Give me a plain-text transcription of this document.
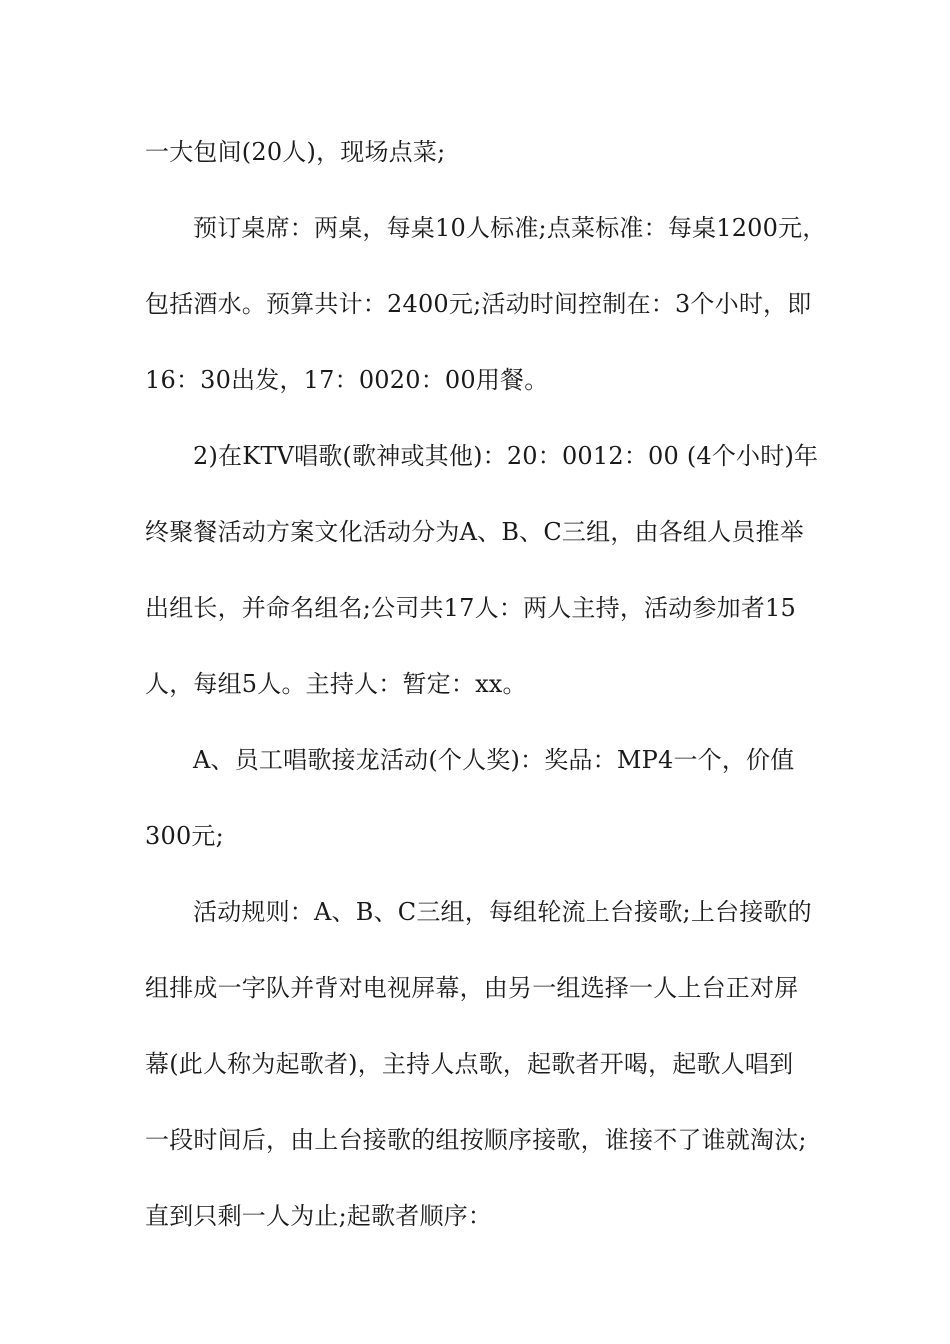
一大包间(20人)，现场点菜;
预订桌席：两桌，每桌10人标准;点菜标准：每桌1200元，
包括酒水。预算共计：2400元;活动时间控制在：3个小时，即
16：30出发，17：0020：00用餐。
2)在KTV唱歌(歌神或其他)：20：0012：00 (4个小时)年
终聚餐活动方案文化活动分为A、B、C三组，由各组人员推举
出组长，并命名组名;公司共17人：两人主持，活动参加者15
人，每组5人。主持人：暂定：xx。
A、员工唱歌接龙活动(个人奖)：奖品：MP4一个，价值
300元;
活动规则：A、B、C三组，每组轮流上台接歌;上台接歌的
组排成一字队并背对电视屏幕，由另一组选择一人上台正对屏
幕(此人称为起歌者)，主持人点歌，起歌者开喝，起歌人唱到
一段时间后，由上台接歌的组按顺序接歌，谁接不了谁就淘汰;
直到只剩一人为止;起歌者顺序：
